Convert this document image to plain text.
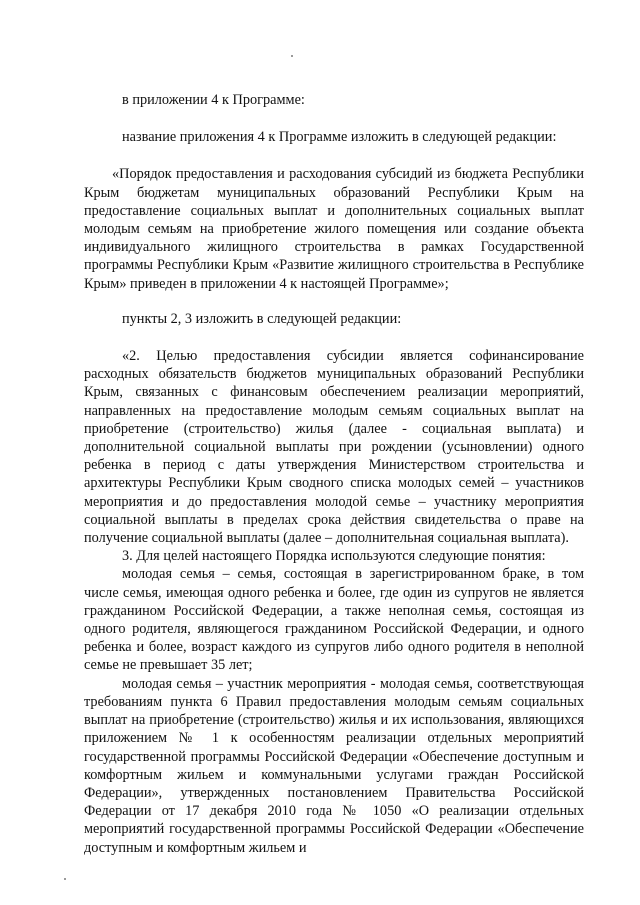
в приложении 4 к Программе:

название приложения 4 к Программе изложить в следующей редакции:

«Порядок предоставления и расходования субсидий из бюджета Республики Крым бюджетам муниципальных образований Республики Крым на предоставление социальных выплат и дополнительных социальных выплат молодым семьям на приобретение жилого помещения или создание объекта индивидуального жилищного строительства в рамках Государственной программы Республики Крым «Развитие жилищного строительства в Республике Крым» приведен в приложении 4 к настоящей Программе»;

пункты 2, 3 изложить в следующей редакции:

«2. Целью предоставления субсидии является софинансирование расходных обязательств бюджетов муниципальных образований Республики Крым, связанных с финансовым обеспечением реализации мероприятий, направленных на предоставление молодым семьям социальных выплат на приобретение (строительство) жилья (далее - социальная выплата) и дополнительной социальной выплаты при рождении (усыновлении) одного ребенка в период с даты утверждения Министерством строительства и архитектуры Республики Крым сводного списка молодых семей – участников мероприятия и до предоставления молодой семье – участнику мероприятия социальной выплаты в пределах срока действия свидетельства о праве на получение социальной выплаты (далее – дополнительная социальная выплата).

3. Для целей настоящего Порядка используются следующие понятия:

молодая семья – семья, состоящая в зарегистрированном браке, в том числе семья, имеющая одного ребенка и более, где один из супругов не является гражданином Российской Федерации, а также неполная семья, состоящая из одного родителя, являющегося гражданином Российской Федерации, и одного ребенка и более, возраст каждого из супругов либо одного родителя в неполной семье не превышает 35 лет;

молодая семья – участник мероприятия - молодая семья, соответствующая требованиям пункта 6 Правил предоставления молодым семьям социальных выплат на приобретение (строительство) жилья и их использования, являющихся приложением № 1 к особенностям реализации отдельных мероприятий государственной программы Российской Федерации «Обеспечение доступным и комфортным жильем и коммунальными услугами граждан Российской Федерации», утвержденных постановлением Правительства Российской Федерации от 17 декабря 2010 года № 1050 «О реализации отдельных мероприятий государственной программы Российской Федерации «Обеспечение доступным и комфортным жильем и
